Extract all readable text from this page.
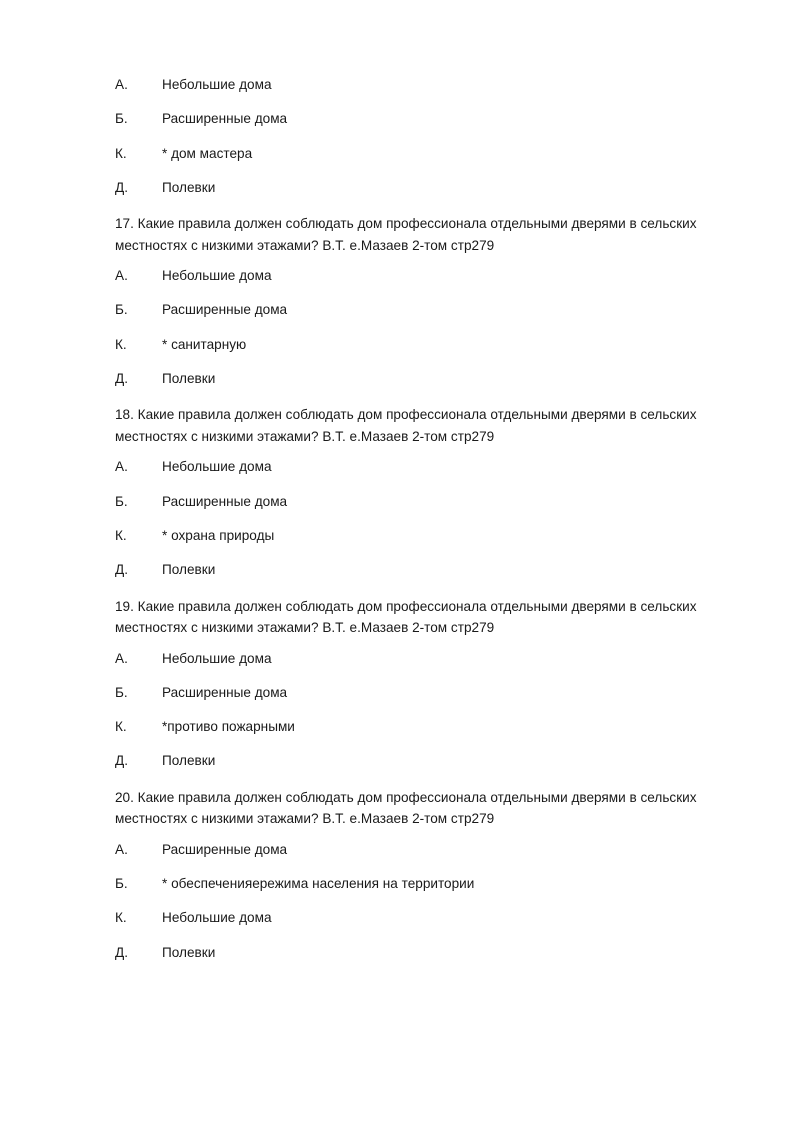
А.	Небольшие дома
Б.	Расширенные дома
К.	* дом мастера
Д.	Полевки
17. Какие правила должен соблюдать дом профессионала отдельными дверями в сельских
местностях с низкими этажами? В.Т. е.Мазаев 2-том стр279
А.	Небольшие дома
Б.	Расширенные дома
К.	* санитарную
Д.	Полевки
18. Какие правила должен соблюдать дом профессионала отдельными дверями в сельских
местностях с низкими этажами? В.Т. е.Мазаев 2-том стр279
А.	Небольшие дома
Б.	Расширенные дома
К.	* охрана природы
Д.	Полевки
19. Какие правила должен соблюдать дом профессионала отдельными дверями в сельских
местностях с низкими этажами? В.Т. е.Мазаев 2-том стр279
А.	Небольшие дома
Б.	Расширенные дома
К.	*противо пожарными
Д.	Полевки
20. Какие правила должен соблюдать дом профессионала отдельными дверями в сельских
местностях с низкими этажами? В.Т. е.Мазаев 2-том стр279
А.	Расширенные дома
Б.	* обеспеченияережима населения на территории
К.	Небольшие дома
Д.	Полевки
